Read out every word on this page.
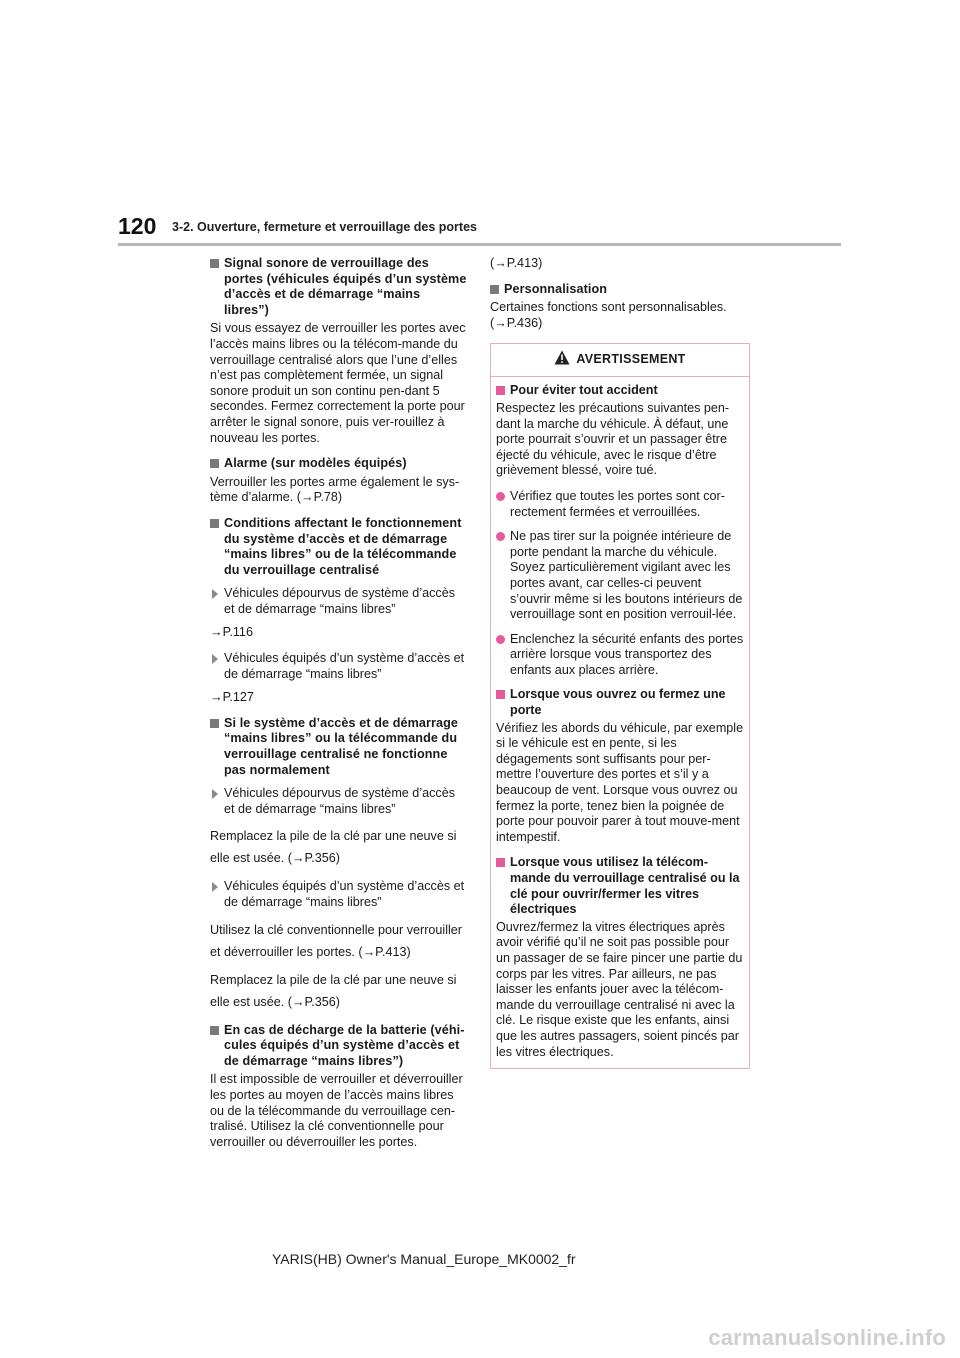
120 3-2. Ouverture, fermeture et verrouillage des portes
Signal sonore de verrouillage des portes (véhicules équipés d’un système d’accès et de démarrage “mains libres”)

Si vous essayez de verrouiller les portes avec l’accès mains libres ou la télécom-mande du verrouillage centralisé alors que l’une d’elles n’est pas complètement fermée, un signal sonore produit un son continu pen-dant 5 secondes. Fermez correctement la porte pour arrêter le signal sonore, puis ver-rouillez à nouveau les portes.

Alarme (sur modèles équipés)

Verrouiller les portes arme également le sys-tème d’alarme. (→P.78)

Conditions affectant le fonctionnement du système d’accès et de démarrage “mains libres” ou de la télécommande du verrouillage centralisé
Véhicules dépourvus de système d’accès et de démarrage “mains libres”

→P.116

Véhicules équipés d’un système d’accès et de démarrage “mains libres”

→P.127

Si le système d’accès et de démarrage “mains libres” ou la télécommande du verrouillage centralisé ne fonctionne pas normalement
Véhicules dépourvus de système d’accès et de démarrage “mains libres”

Remplacez la pile de la clé par une neuve si elle est usée. (→P.356)

Véhicules équipés d’un système d’accès et de démarrage “mains libres”

Utilisez la clé conventionnelle pour verrouiller et déverrouiller les portes. (→P.413)

Remplacez la pile de la clé par une neuve si elle est usée. (→P.356)

En cas de décharge de la batterie (véhi-cules équipés d’un système d’accès et de démarrage “mains libres”)

Il est impossible de verrouiller et déverrouiller les portes au moyen de l’accès mains libres ou de la télécommande du verrouillage cen-tralisé. Utilisez la clé conventionnelle pour verrouiller ou déverrouiller les portes.

(→P.413)

Personnalisation

Certaines fonctions sont personnalisables. (→P.436)

AVERTISSEMENT
Pour éviter tout accident

Respectez les précautions suivantes pen-dant la marche du véhicule. À défaut, une porte pourrait s’ouvrir et un passager être éjecté du véhicule, avec le risque d’être grièvement blessé, voire tué.

Vérifiez que toutes les portes sont cor-rectement fermées et verrouillées.
Ne pas tirer sur la poignée intérieure de porte pendant la marche du véhicule. Soyez particulièrement vigilant avec les portes avant, car celles-ci peuvent s’ouvrir même si les boutons intérieurs de verrouillage sont en position verrouil-lée.
Enclenchez la sécurité enfants des portes arrière lorsque vous transportez des enfants aux places arrière.
Lorsque vous ouvrez ou fermez une porte

Vérifiez les abords du véhicule, par exemple si le véhicule est en pente, si les dégagements sont suffisants pour per-mettre l’ouverture des portes et s’il y a beaucoup de vent. Lorsque vous ouvrez ou fermez la porte, tenez bien la poignée de porte pour pouvoir parer à tout mouve-ment intempestif.

Lorsque vous utilisez la télécom-mande du verrouillage centralisé ou la clé pour ouvrir/fermer les vitres électriques

Ouvrez/fermez la vitres électriques après avoir vérifié qu’il ne soit pas possible pour un passager de se faire pincer une partie du corps par les vitres. Par ailleurs, ne pas laisser les enfants jouer avec la télécom-mande du verrouillage centralisé ni avec la clé. Le risque existe que les enfants, ainsi que les autres passagers, soient pincés par les vitres électriques.

YARIS(HB) Owner's Manual_Europe_MK0002_fr
carmanualsonline.info
